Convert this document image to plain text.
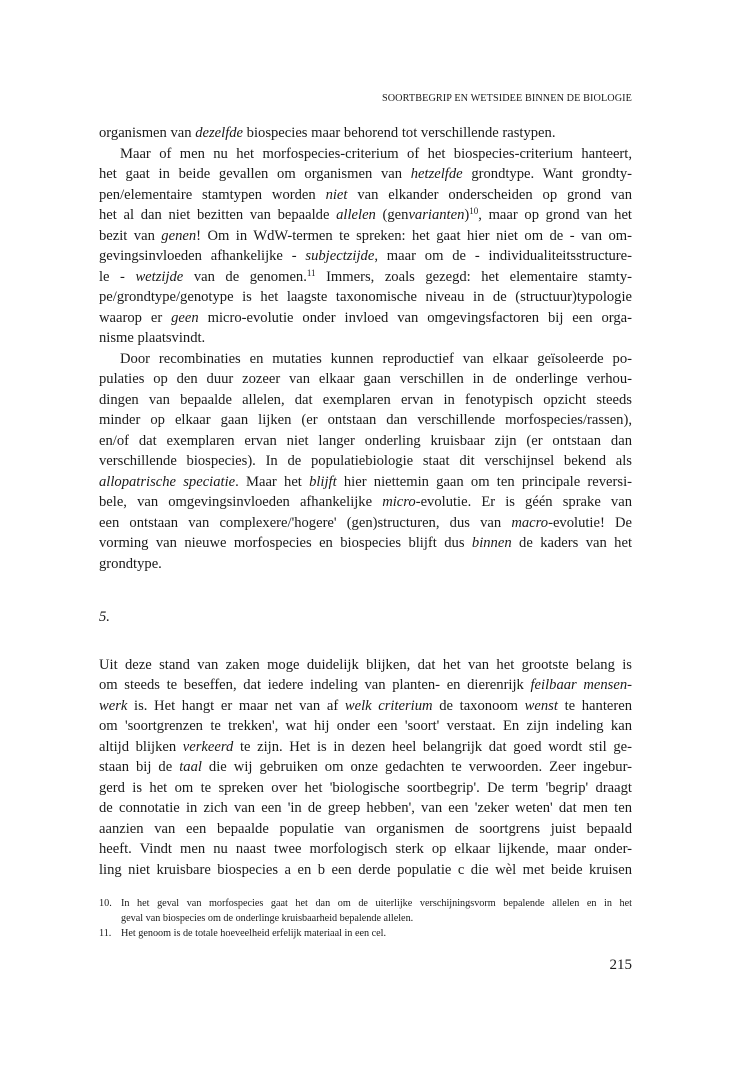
SOORTBEGRIP EN WETSIDEE BINNEN DE BIOLOGIE

organismen van dezelfde biospecies maar behorend tot verschillende rastypen.

Maar of men nu het morfospecies-criterium of het biospecies-criterium hanteert,
het gaat in beide gevallen om organismen van hetzelfde grondtype. Want grondty-
pen/elementaire stamtypen worden niet van elkander onderscheiden op grond van
het al dan niet bezitten van bepaalde allelen (genvarianten)$^{10}$, maar op grond van het
bezit van genen! Om in WdW-termen te spreken: het gaat hier niet om de - van om-
gevingsinvloeden afhankelijke - subjectzijde, maar om de - individualiteitsstructure-
le - wetzijde van de genomen.$^{11}$ Immers, zoals gezegd: het elementaire stamty-
pe/grondtype/genotype is het laagste taxonomische niveau in de (structuur)typologie
waarop er geen micro-evolutie onder invloed van omgevingsfactoren bij een orga-
nisme plaatsvindt.

Door recombinaties en mutaties kunnen reproductief van elkaar geïsoleerde po-
pulaties op den duur zozeer van elkaar gaan verschillen in de onderlinge verhou-
dingen van bepaalde allelen, dat exemplaren ervan in fenotypisch opzicht steeds
minder op elkaar gaan lijken (er ontstaan dan verschillende morfospecies/rassen),
en/of dat exemplaren ervan niet langer onderling kruisbaar zijn (er ontstaan dan
verschillende biospecies). In de populatiebiologie staat dit verschijnsel bekend als
allopatrische speciatie. Maar het blijft hier niettemin gaan om ten principale reversi-
bele, van omgevingsinvloeden afhankelijke micro-evolutie. Er is géén sprake van
een ontstaan van complexere/'hogere' (gen)structuren, dus van macro-evolutie! De
vorming van nieuwe morfospecies en biospecies blijft dus binnen de kaders van het
grondtype.

5.

Uit deze stand van zaken moge duidelijk blijken, dat het van het grootste belang is
om steeds te beseffen, dat iedere indeling van planten- en dierenrijk feilbaar mensen-
werk is. Het hangt er maar net van af welk criterium de taxonoom wenst te hanteren
om 'soortgrenzen te trekken', wat hij onder een 'soort' verstaat. En zijn indeling kan
altijd blijken verkeerd te zijn. Het is in dezen heel belangrijk dat goed wordt stil ge-
staan bij de taal die wij gebruiken om onze gedachten te verwoorden. Zeer ingebur-
gerd is het om te spreken over het 'biologische soortbegrip'. De term 'begrip' draagt
de connotatie in zich van een 'in de greep hebben', van een 'zeker weten' dat men ten
aanzien van een bepaalde populatie van organismen de soortgrens juist bepaald
heeft. Vindt men nu naast twee morfologisch sterk op elkaar lijkende, maar onder-
ling niet kruisbare biospecies a en b een derde populatie c die wèl met beide kruisen

10. In het geval van morfospecies gaat het dan om de uiterlijke verschijningsvorm bepalende allelen en in het
geval van biospecies om de onderlinge kruisbaarheid bepalende allelen.
11. Het genoom is de totale hoeveelheid erfelijk materiaal in een cel.
215
